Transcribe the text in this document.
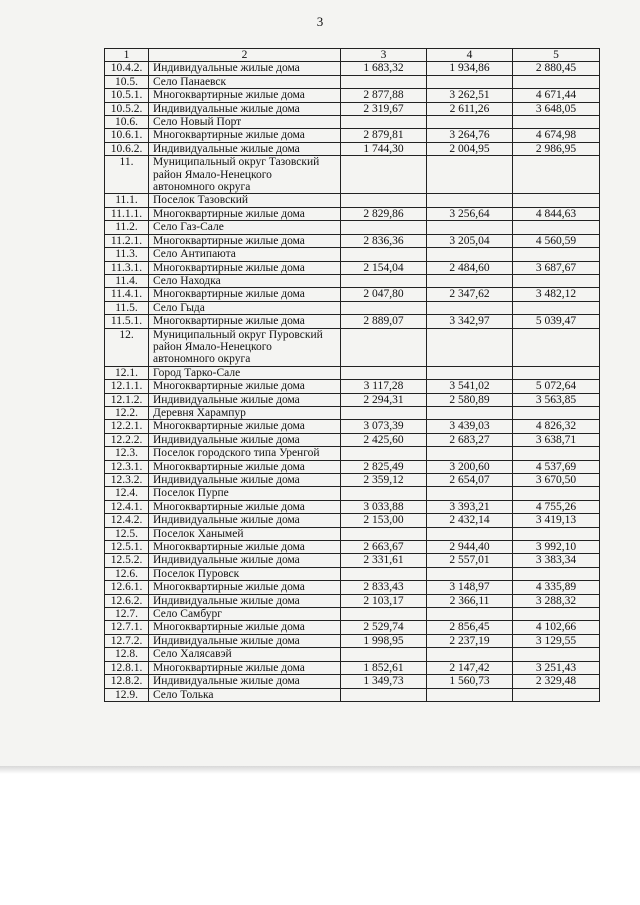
3
1	2	3	4	5
10.4.2.	Индивидуальные жилые дома	1 683,32	1 934,86	2 880,45
10.5.	Село Панаевск			
10.5.1.	Многоквартирные жилые дома	2 877,88	3 262,51	4 671,44
10.5.2.	Индивидуальные жилые дома	2 319,67	2 611,26	3 648,05
10.6.	Село Новый Порт			
10.6.1.	Многоквартирные жилые дома	2 879,81	3 264,76	4 674,98
10.6.2.	Индивидуальные жилые дома	1 744,30	2 004,95	2 986,95
11.	Муниципальный округ Тазовский район Ямало-Ненецкого автономного округа			
11.1.	Поселок Тазовский			
11.1.1.	Многоквартирные жилые дома	2 829,86	3 256,64	4 844,63
11.2.	Село Газ-Сале			
11.2.1.	Многоквартирные жилые дома	2 836,36	3 205,04	4 560,59
11.3.	Село Антипаюта			
11.3.1.	Многоквартирные жилые дома	2 154,04	2 484,60	3 687,67
11.4.	Село Находка			
11.4.1.	Многоквартирные жилые дома	2 047,80	2 347,62	3 482,12
11.5.	Село Гыда			
11.5.1.	Многоквартирные жилые дома	2 889,07	3 342,97	5 039,47
12.	Муниципальный округ Пуровский район Ямало-Ненецкого автономного округа			
12.1.	Город Тарко-Сале			
12.1.1.	Многоквартирные жилые дома	3 117,28	3 541,02	5 072,64
12.1.2.	Индивидуальные жилые дома	2 294,31	2 580,89	3 563,85
12.2.	Деревня Харампур			
12.2.1.	Многоквартирные жилые дома	3 073,39	3 439,03	4 826,32
12.2.2.	Индивидуальные жилые дома	2 425,60	2 683,27	3 638,71
12.3.	Поселок городского типа Уренгой			
12.3.1.	Многоквартирные жилые дома	2 825,49	3 200,60	4 537,69
12.3.2.	Индивидуальные жилые дома	2 359,12	2 654,07	3 670,50
12.4.	Поселок Пурпе			
12.4.1.	Многоквартирные жилые дома	3 033,88	3 393,21	4 755,26
12.4.2.	Индивидуальные жилые дома	2 153,00	2 432,14	3 419,13
12.5.	Поселок Ханымей			
12.5.1.	Многоквартирные жилые дома	2 663,67	2 944,40	3 992,10
12.5.2.	Индивидуальные жилые дома	2 331,61	2 557,01	3 383,34
12.6.	Поселок Пуровск			
12.6.1.	Многоквартирные жилые дома	2 833,43	3 148,97	4 335,89
12.6.2.	Индивидуальные жилые дома	2 103,17	2 366,11	3 288,32
12.7.	Село Самбург			
12.7.1.	Многоквартирные жилые дома	2 529,74	2 856,45	4 102,66
12.7.2.	Индивидуальные жилые дома	1 998,95	2 237,19	3 129,55
12.8.	Село Халясавэй			
12.8.1.	Многоквартирные жилые дома	1 852,61	2 147,42	3 251,43
12.8.2.	Индивидуальные жилые дома	1 349,73	1 560,73	2 329,48
12.9.	Село Толька			
